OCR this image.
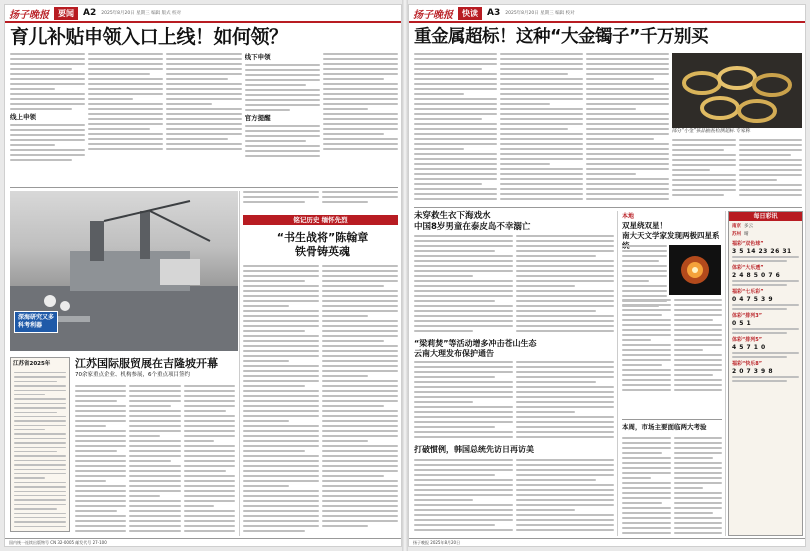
扬子晚报	要闻	A2 2025年8月20日 星期三 编辑 版式 校对
育儿补贴申领入口上线！如何领？
线上申领
线下申领
官方提醒
深海研究又多
科考利器
铭记历史 缅怀先烈
“书生战将”陈翰章
铁骨铸英魂
江苏国际服贸展在吉隆坡开幕
70余家重点企业、机构参展，6个重点项目签约
江苏省2025年
国内统一连续出版物号 CN 32-0005 邮发代号 27-100
扬子晚报	快读	A3 2025年8月20日 星期三 编辑 校对
重金属超标！这种“大金镯子”千万别买
部分“小金”孩品抽查检测超标 专家称
未穿救生衣下海戏水
中国8岁男童在泰皮岛不幸溺亡
“梁莉焚”等活动增多冲击苍山生态
云南大理发布保护通告
打破惯例，韩国总统先访日再访美
本地
双星绕双星！
南大天文学家发现两极四星系
本周，市场主要面临两大考验
每日彩讯
南京 多云
苏州 晴
福彩“双色球”
3 5 14 23 26 31
体彩“大乐透”
2 4 8 5 0 7 6
福彩“七乐彩”
0 4 7 5 3 9
体彩“排列3”
0 5 1
体彩“排列5”
4 5 7 1 0
福彩“快乐8”
2 0 7 3 9 8
扬子晚报 2025年8月20日
